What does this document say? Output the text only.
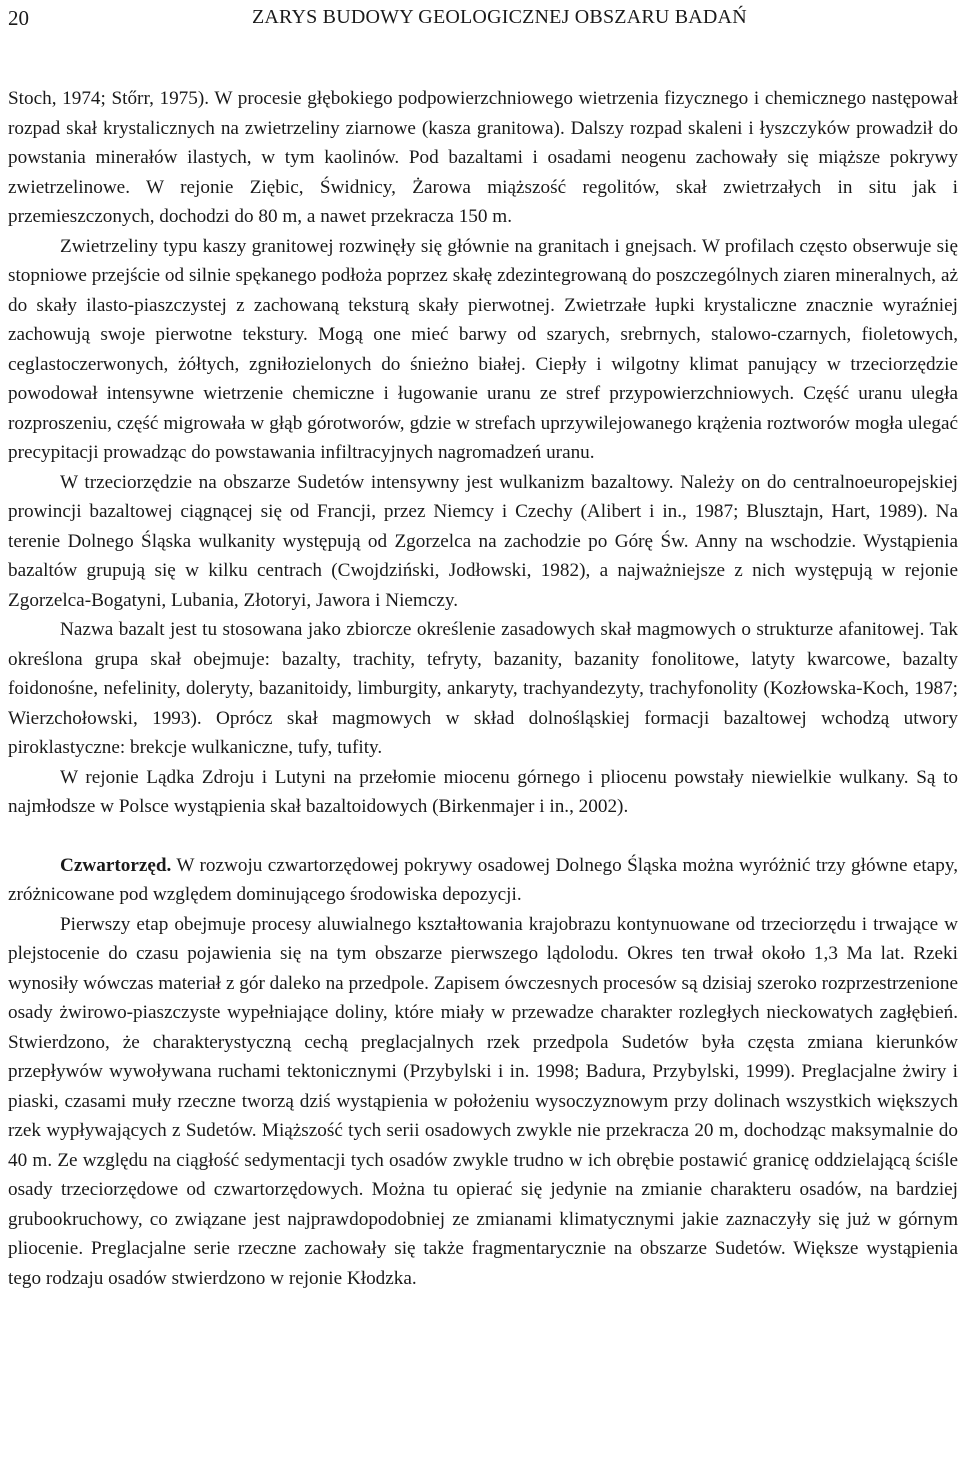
20	ZARYS BUDOWY GEOLOGICZNEJ OBSZARU BADAŃ

Stoch, 1974; Stőrr, 1975). W procesie głębokiego podpowierzchniowego wietrzenia fizycznego i chemicznego następował rozpad skał krystalicznych na zwietrzeliny ziarnowe (kasza granitowa). Dalszy rozpad skaleni i łyszczyków prowadził do powstania minerałów ilastych, w tym kaolinów. Pod bazaltami i osadami neogenu zachowały się miąższe pokrywy zwietrzelinowe. W rejonie Ziębic, Świdnicy, Żarowa miąższość regolitów, skał zwietrzałych in situ jak i przemieszczonych, dochodzi do 80 m, a nawet przekracza 150 m.

Zwietrzeliny typu kaszy granitowej rozwinęły się głównie na granitach i gnejsach. W profilach często obserwuje się stopniowe przejście od silnie spękanego podłoża poprzez skałę zdezintegrowaną do poszczególnych ziaren mineralnych, aż do skały ilasto-piaszczystej z zachowaną teksturą skały pierwotnej. Zwietrzałe łupki krystaliczne znacznie wyraźniej zachowują swoje pierwotne tekstury. Mogą one mieć barwy od szarych, srebrnych, stalowo-czarnych, fioletowych, ceglastoczerwonych, żółtych, zgniłozielonych do śnieżno białej. Ciepły i wilgotny klimat panujący w trzeciorzędzie powodował intensywne wietrzenie chemiczne i ługowanie uranu ze stref przypowierzchniowych. Część uranu uległa rozproszeniu, część migrowała w głąb górotworów, gdzie w strefach uprzywilejowanego krążenia roztworów mogła ulegać precypitacji prowadząc do powstawania infiltracyjnych nagromadzeń uranu.

W trzeciorzędzie na obszarze Sudetów intensywny jest wulkanizm bazaltowy. Należy on do centralnoeuropejskiej prowincji bazaltowej ciągnącej się od Francji, przez Niemcy i Czechy (Alibert i in., 1987; Blusztajn, Hart, 1989). Na terenie Dolnego Śląska wulkanity występują od Zgorzelca na zachodzie po Górę Św. Anny na wschodzie. Wystąpienia bazaltów grupują się w kilku centrach (Cwojdziński, Jodłowski, 1982), a najważniejsze z nich występują w rejonie Zgorzelca-Bogatyni, Lubania, Złotoryi, Jawora i Niemczy.

Nazwa bazalt jest tu stosowana jako zbiorcze określenie zasadowych skał magmowych o strukturze afanitowej. Tak określona grupa skał obejmuje: bazalty, trachity, tefryty, bazanity, bazanity fonolitowe, latyty kwarcowe, bazalty foidonośne, nefelinity, doleryty, bazanitoidy, limburgity, ankaryty, trachyandezyty, trachyfonolity (Kozłowska-Koch, 1987; Wierzchołowski, 1993). Oprócz skał magmowych w skład dolnośląskiej formacji bazaltowej wchodzą utwory piroklastyczne: brekcje wulkaniczne, tufy, tufity.

W rejonie Lądka Zdroju i Lutyni na przełomie miocenu górnego i pliocenu powstały niewielkie wulkany. Są to najmłodsze w Polsce wystąpienia skał bazaltoidowych (Birkenmajer i in., 2002).

Czwartorzęd. W rozwoju czwartorzędowej pokrywy osadowej Dolnego Śląska można wyróżnić trzy główne etapy, zróżnicowane pod względem dominującego środowiska depozycji.

Pierwszy etap obejmuje procesy aluwialnego kształtowania krajobrazu kontynuowane od trzeciorzędu i trwające w plejstocenie do czasu pojawienia się na tym obszarze pierwszego lądolodu. Okres ten trwał około 1,3 Ma lat. Rzeki wynosiły wówczas materiał z gór daleko na przedpole. Zapisem ówczesnych procesów są dzisiaj szeroko rozprzestrzenione osady żwirowo-piaszczyste wypełniające doliny, które miały w przewadze charakter rozległych nieckowatych zagłębień. Stwierdzono, że charakterystyczną cechą preglacjalnych rzek przedpola Sudetów była częsta zmiana kierunków przepływów wywoływana ruchami tektonicznymi (Przybylski i in. 1998; Badura, Przybylski, 1999). Preglacjalne żwiry i piaski, czasami muły rzeczne tworzą dziś wystąpienia w położeniu wysoczyznowym przy dolinach wszystkich większych rzek wypływających z Sudetów. Miąższość tych serii osadowych zwykle nie przekracza 20 m, dochodząc maksymalnie do 40 m. Ze względu na ciągłość sedymentacji tych osadów zwykle trudno w ich obrębie postawić granicę oddzielającą ściśle osady trzeciorzędowe od czwartorzędowych. Można tu opierać się jedynie na zmianie charakteru osadów, na bardziej grubookruchowy, co związane jest najprawdopodobniej ze zmianami klimatycznymi jakie zaznaczyły się już w górnym pliocenie. Preglacjalne serie rzeczne zachowały się także fragmentarycznie na obszarze Sudetów. Większe wystąpienia tego rodzaju osadów stwierdzono w rejonie Kłodzka.
